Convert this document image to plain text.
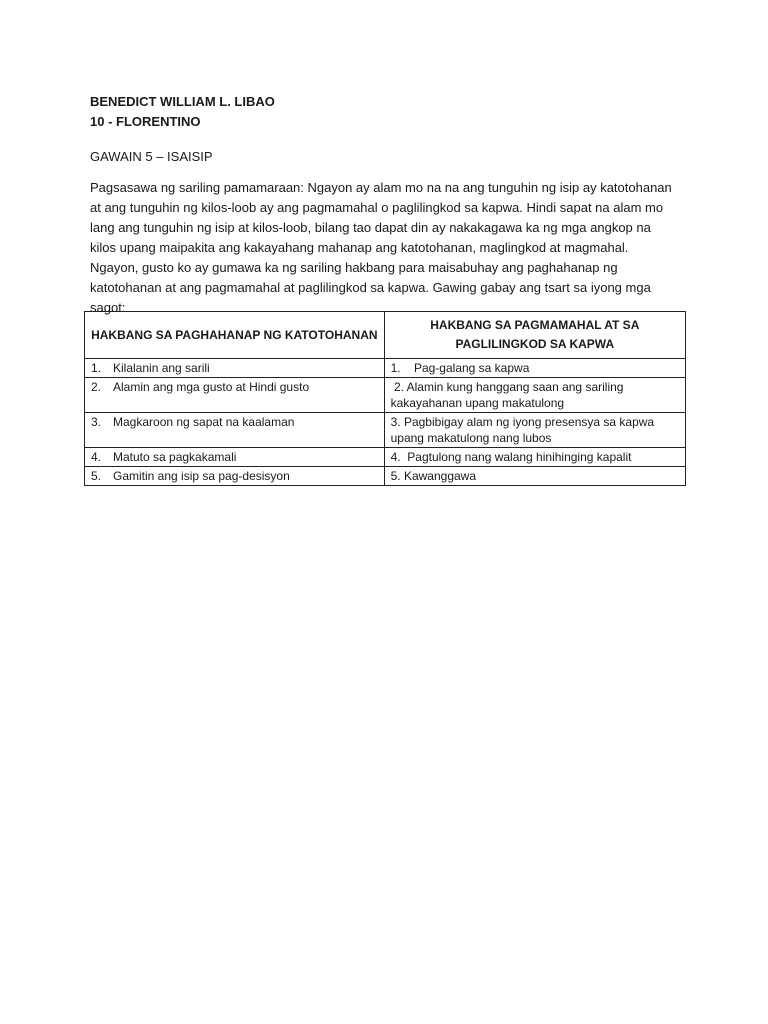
BENEDICT WILLIAM L. LIBAO
10 - FLORENTINO
GAWAIN 5 – ISAISIP
Pagsasawa ng sariling pamamaraan: Ngayon ay alam mo na na ang tunguhin ng isip ay katotohanan at ang tunguhin ng kilos-loob ay ang pagmamahal o paglilingkod sa kapwa. Hindi sapat na alam mo lang ang tunguhin ng isip at kilos-loob, bilang tao dapat din ay nakakagawa ka ng mga angkop na kilos upang maipakita ang kakayahang mahanap ang katotohanan, maglingkod at magmahal. Ngayon, gusto ko ay gumawa ka ng sariling hakbang para maisabuhay ang paghahanap ng katotohanan at ang pagmamahal at paglilingkod sa kapwa. Gawing gabay ang tsart sa iyong mga sagot:
HAKBANG SA PAGHAHANAP NG KATOTOHANAN	HAKBANG SA PAGMAMAHAL AT SA PAGLILINGKOD SA KAPWA
1. Kilalanin ang sarili	1.    Pag-galang sa kapwa
2. Alamin ang mga gusto at Hindi gusto	2. Alamin kung hanggang saan ang sariling kakayahanan upang makatulong
3. Magkaroon ng sapat na kaalaman	3. Pagbibigay alam ng iyong presensya sa kapwa upang makatulong nang lubos
4. Matuto sa pagkakamali	4.  Pagtulong nang walang hinihinging kapalit
5. Gamitin ang isip sa pag-desisyon	5. Kawanggawa
